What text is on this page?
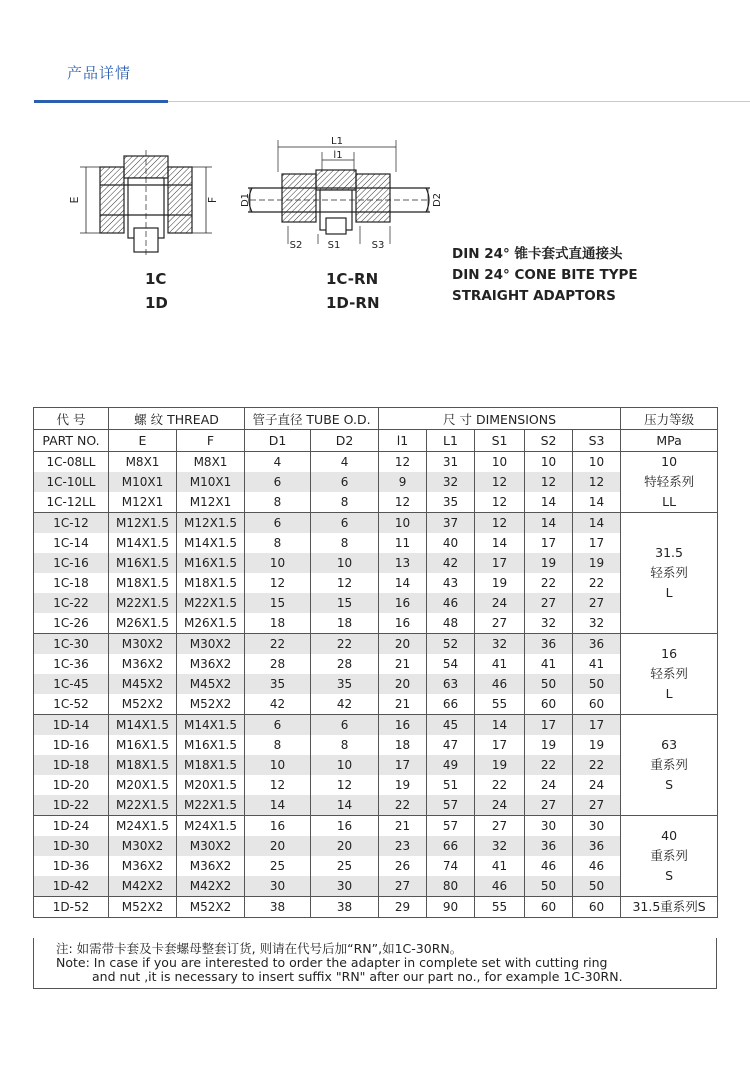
产品详情
E	F
L1
l1
D1	D2
S2	S1	S3
1C
1D
1C-RN
1D-RN
DIN 24° 锥卡套式直通接头
DIN 24° CONE BITE TYPE
STRAIGHT ADAPTORS
代 号	螺 纹 THREAD		管子直径 TUBE O.D.		尺 寸 DIMENSIONS					压力等级
PART NO.	E	F	D1	D2	l1	L1	S1	S2	S3	MPa
1C-08LL	M8X1	M8X1	4	4	12	31	10	10	10	10
特轻系列
LL

1C-10LL	M10X1	M10X1	6	6	9	32	12	12	12	
1C-12LL	M12X1	M12X1	8	8	12	35	12	14	14	
1C-12	M12X1.5	M12X1.5	6	6	10	37	12	14	14	31.5
轻系列
L

1C-14	M14X1.5	M14X1.5	8	8	11	40	14	17	17	
1C-16	M16X1.5	M16X1.5	10	10	13	42	17	19	19	
1C-18	M18X1.5	M18X1.5	12	12	14	43	19	22	22	
1C-22	M22X1.5	M22X1.5	15	15	16	46	24	27	27	
1C-26	M26X1.5	M26X1.5	18	18	16	48	27	32	32	
1C-30	M30X2	M30X2	22	22	20	52	32	36	36	16
轻系列
L

1C-36	M36X2	M36X2	28	28	21	54	41	41	41	
1C-45	M45X2	M45X2	35	35	20	63	46	50	50	
1C-52	M52X2	M52X2	42	42	21	66	55	60	60	
1D-14	M14X1.5	M14X1.5	6	6	16	45	14	17	17	63
重系列
S

1D-16	M16X1.5	M16X1.5	8	8	18	47	17	19	19	
1D-18	M18X1.5	M18X1.5	10	10	17	49	19	22	22	
1D-20	M20X1.5	M20X1.5	12	12	19	51	22	24	24	
1D-22	M22X1.5	M22X1.5	14	14	22	57	24	27	27	
1D-24	M24X1.5	M24X1.5	16	16	21	57	27	30	30	40
重系列
S

1D-30	M30X2	M30X2	20	20	23	66	32	36	36	
1D-36	M36X2	M36X2	25	25	26	74	41	46	46	
1D-42	M42X2	M42X2	30	30	27	80	46	50	50	
1D-52	M52X2	M52X2	38	38	29	90	55	60	60	31.5重系列S
注: 如需带卡套及卡套螺母整套订货, 则请在代号后加“RN”,如1C-30RN。
Note: In case if you are interested to order the adapter in complete set with cutting ring
and nut ,it is necessary to insert suffix "RN" after our part no., for example 1C-30RN.
